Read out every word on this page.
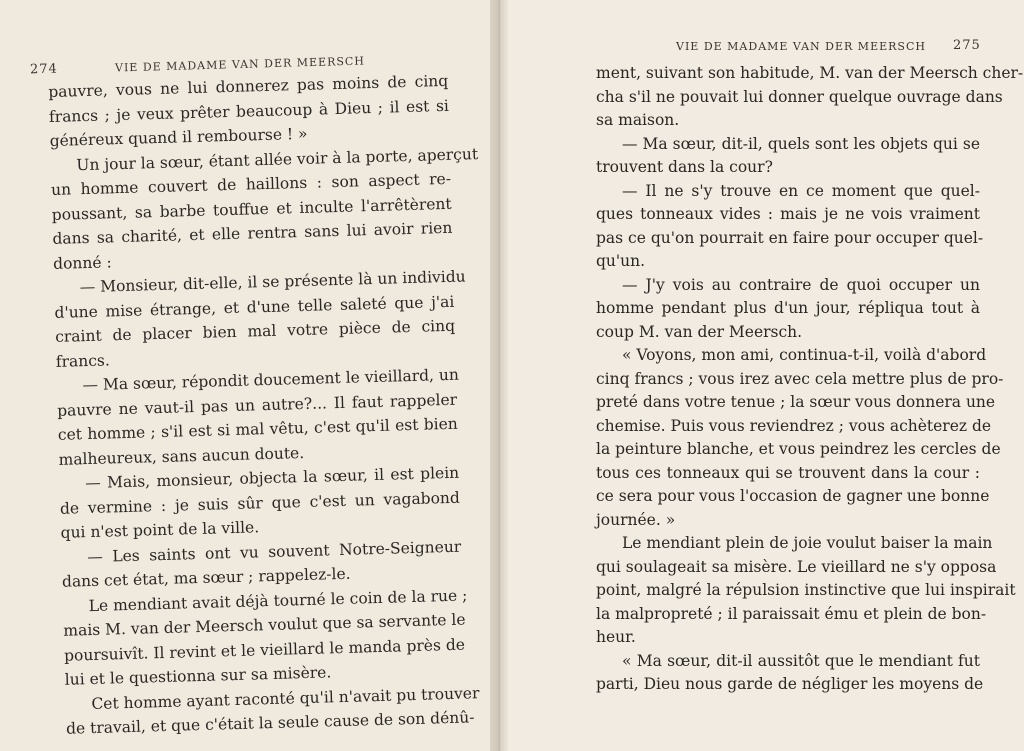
274	VIE DE MADAME VAN DER MEERSCH
pauvre, vous ne lui donnerez pas moins de cinq
francs ; je veux prêter beaucoup à Dieu ; il est si
généreux quand il rembourse ! »
Un jour la sœur, étant allée voir à la porte, aperçut
un homme couvert de haillons : son aspect re-
poussant, sa barbe touffue et inculte l'arrêtèrent
dans sa charité, et elle rentra sans lui avoir rien
donné :
— Monsieur, dit-elle, il se présente là un individu
d'une mise étrange, et d'une telle saleté que j'ai
craint de placer bien mal votre pièce de cinq
francs.
— Ma sœur, répondit doucement le vieillard, un
pauvre ne vaut-il pas un autre?... Il faut rappeler
cet homme ; s'il est si mal vêtu, c'est qu'il est bien
malheureux, sans aucun doute.
— Mais, monsieur, objecta la sœur, il est plein
de vermine : je suis sûr que c'est un vagabond
qui n'est point de la ville.
— Les saints ont vu souvent Notre-Seigneur
dans cet état, ma sœur ; rappelez-le.
Le mendiant avait déjà tourné le coin de la rue ;
mais M. van der Meersch voulut que sa servante le
poursuivît. Il revint et le vieillard le manda près de
lui et le questionna sur sa misère.
Cet homme ayant raconté qu'il n'avait pu trouver
de travail, et que c'était la seule cause de son dénû-
VIE DE MADAME VAN DER MEERSCH 275
ment, suivant son habitude, M. van der Meersch cher-
cha s'il ne pouvait lui donner quelque ouvrage dans
sa maison.
— Ma sœur, dit-il, quels sont les objets qui se
trouvent dans la cour?
— Il ne s'y trouve en ce moment que quel-
ques tonneaux vides : mais je ne vois vraiment
pas ce qu'on pourrait en faire pour occuper quel-
qu'un.
— J'y vois au contraire de quoi occuper un
homme pendant plus d'un jour, répliqua tout à
coup M. van der Meersch.
« Voyons, mon ami, continua-t-il, voilà d'abord
cinq francs ; vous irez avec cela mettre plus de pro-
preté dans votre tenue ; la sœur vous donnera une
chemise. Puis vous reviendrez ; vous achèterez de
la peinture blanche, et vous peindrez les cercles de
tous ces tonneaux qui se trouvent dans la cour :
ce sera pour vous l'occasion de gagner une bonne
journée. »
Le mendiant plein de joie voulut baiser la main
qui soulageait sa misère. Le vieillard ne s'y opposa
point, malgré la répulsion instinctive que lui inspirait
la malpropreté ; il paraissait ému et plein de bon-
heur.
« Ma sœur, dit-il aussitôt que le mendiant fut
parti, Dieu nous garde de négliger les moyens de
